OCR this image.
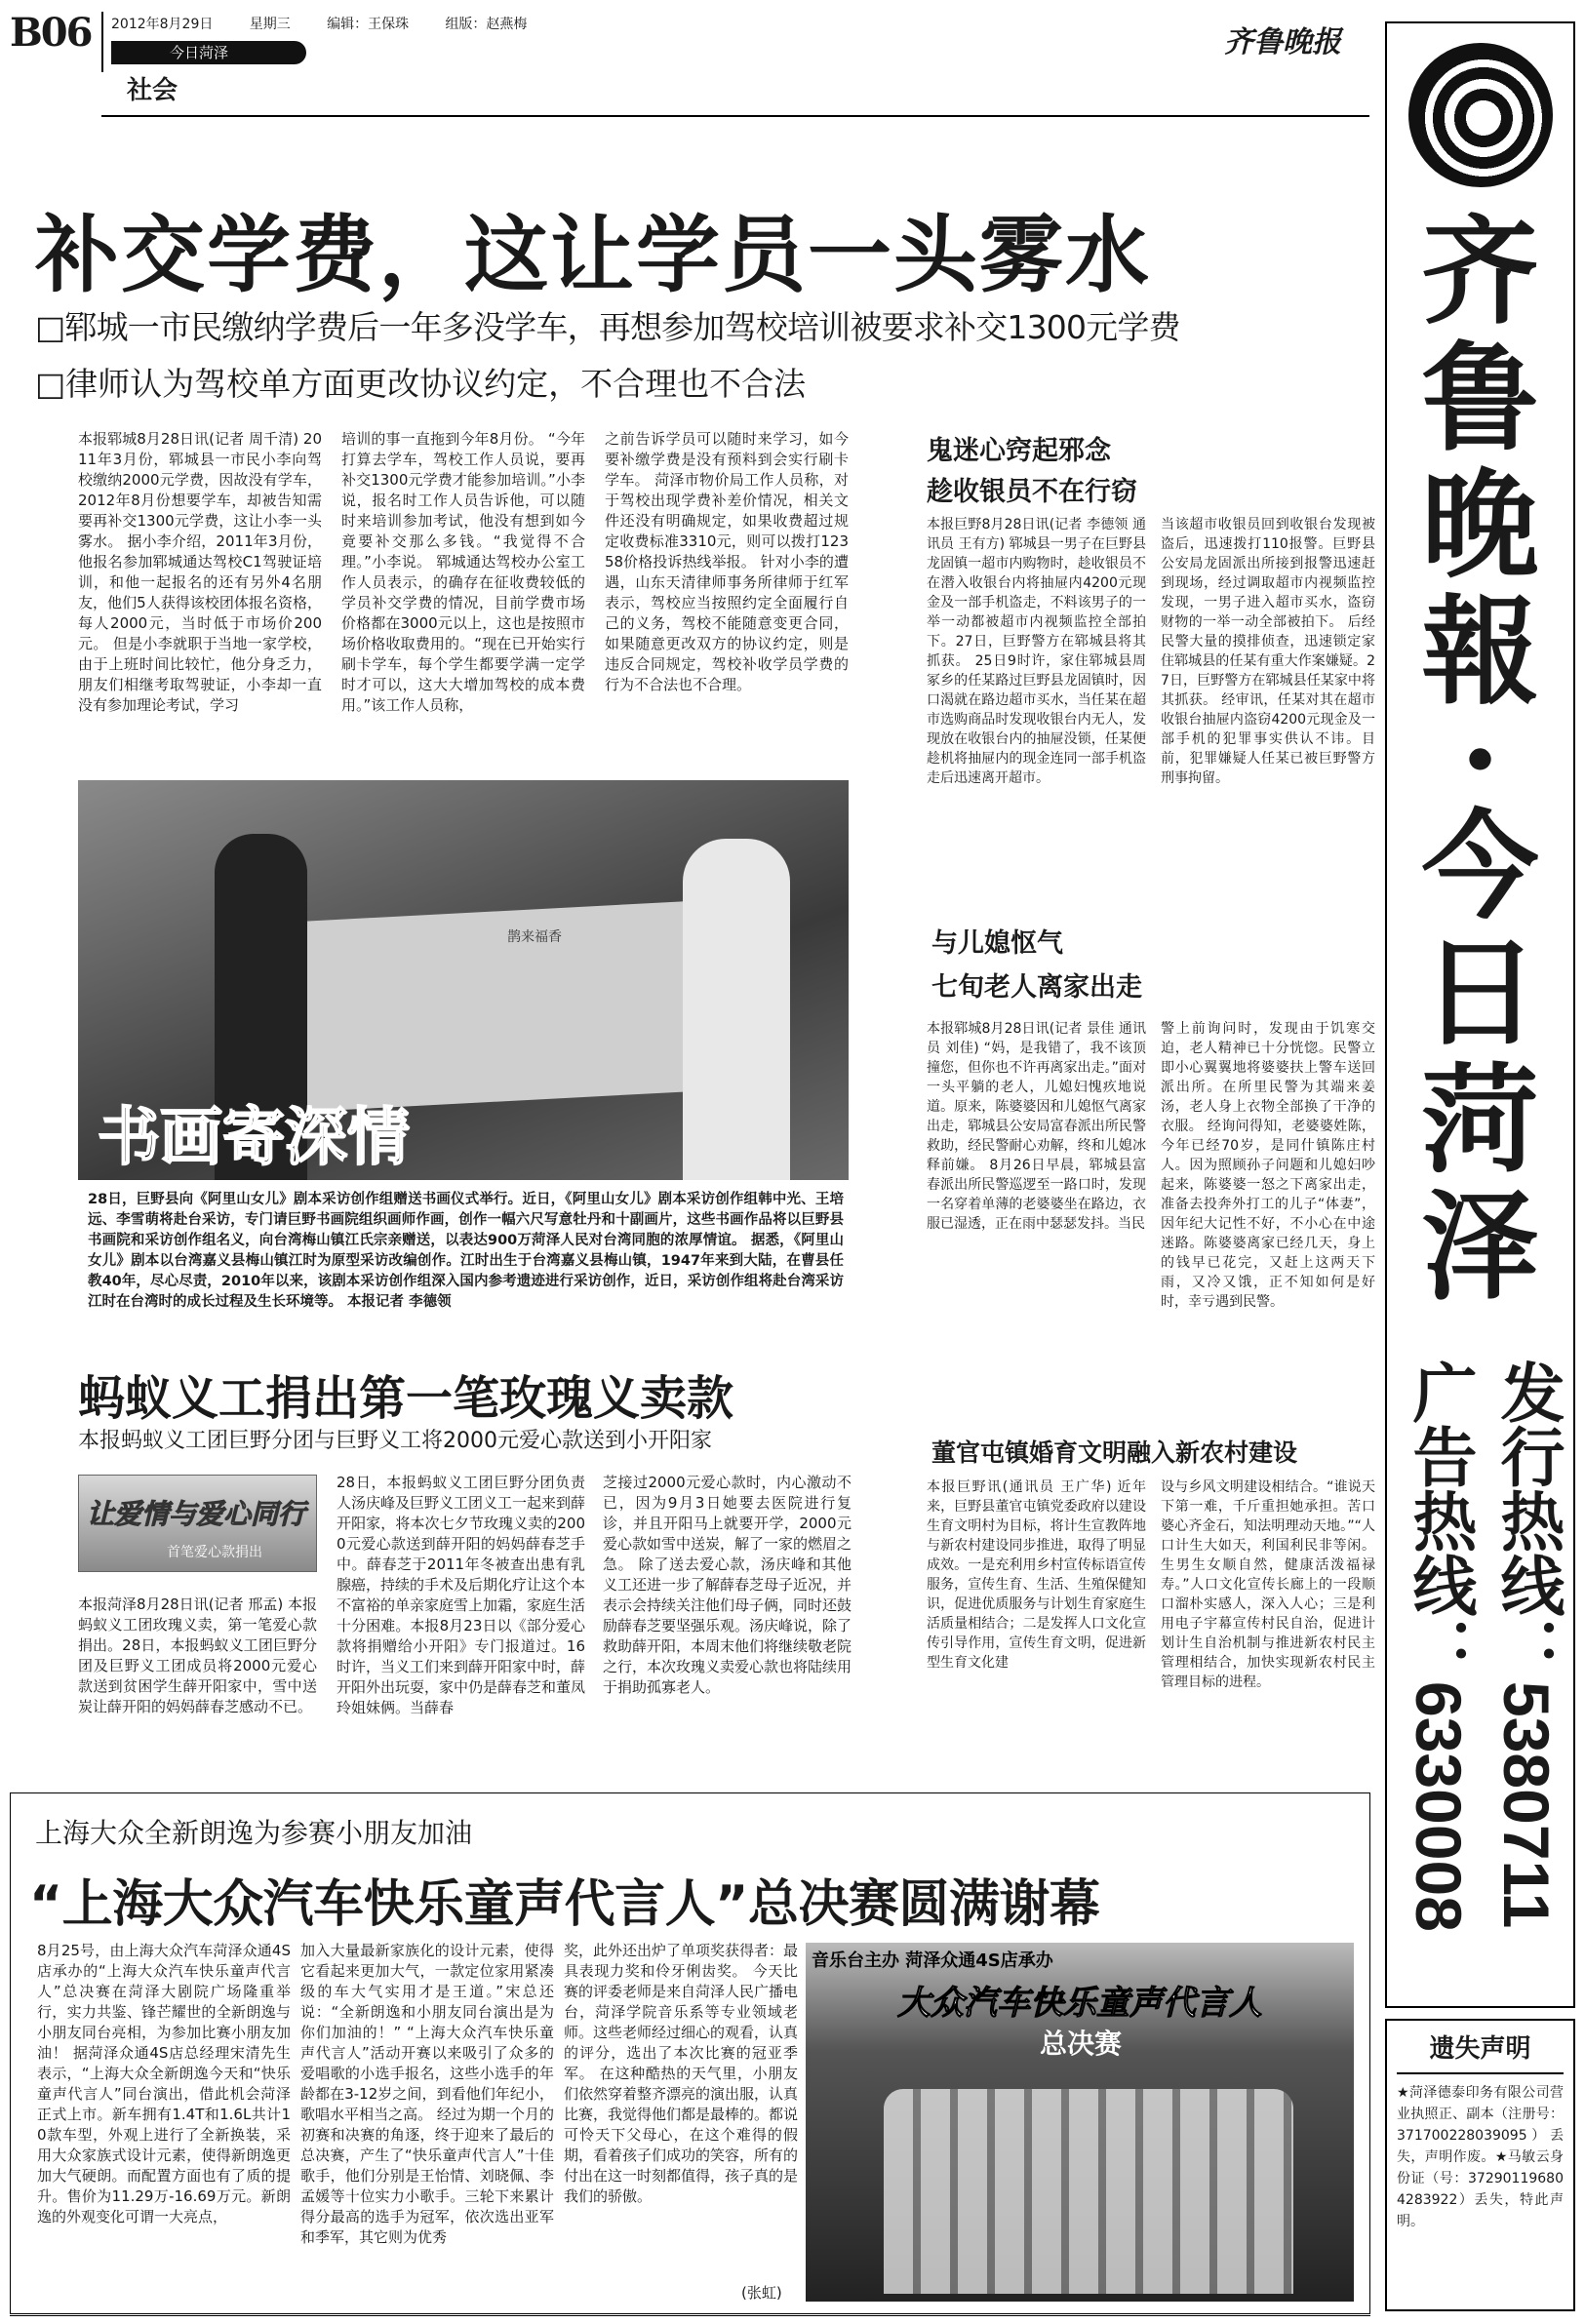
B06 2012年8月29日	星期三	编辑：王保珠	组版：赵燕梅
今日菏泽
社会
齐鲁晚报
齐
鲁
晚
報
·
今
日
菏
泽
发行热线：5380711
广告热线：6330008
遗失声明
★菏泽德泰印务有限公司营业执照正、副本（注册号：371700228039095）丢失，声明作废。★马敏云身份证（号：372901196804283922）丢失，特此声明。
补交学费，这让学员一头雾水
□郓城一市民缴纳学费后一年多没学车，再想参加驾校培训被要求补交1300元学费
□律师认为驾校单方面更改协议约定，不合理也不合法
本报郓城8月28日讯(记者 周千清) 2011年3月份，郓城县一市民小李向驾校缴纳2000元学费，因故没有学车，2012年8月份想要学车，却被告知需要再补交1300元学费，这让小李一头雾水。 据小李介绍，2011年3月份，他报名参加郓城通达驾校C1驾驶证培训，和他一起报名的还有另外4名朋友，他们5人获得该校团体报名资格，每人2000元，当时低于市场价200元。 但是小李就职于当地一家学校，由于上班时间比较忙，他分身乏力，朋友们相继考取驾驶证，小李却一直没有参加理论考试，学习
培训的事一直拖到今年8月份。 “今年打算去学车，驾校工作人员说，要再补交1300元学费才能参加培训。”小李说，报名时工作人员告诉他，可以随时来培训参加考试，他没有想到如今竟要补交那么多钱。“我觉得不合理。”小李说。 郓城通达驾校办公室工作人员表示，的确存在征收费较低的学员补交学费的情况，目前学费市场价格都在3000元以上，这也是按照市场价格收取费用的。“现在已开始实行刷卡学车，每个学生都要学满一定学时才可以，这大大增加驾校的成本费用。”该工作人员称，
之前告诉学员可以随时来学习，如今要补缴学费是没有预料到会实行刷卡学车。 菏泽市物价局工作人员称，对于驾校出现学费补差价情况，相关文件还没有明确规定，如果收费超过规定收费标准3310元，则可以拨打12358价格投诉热线举报。 针对小李的遭遇，山东天清律师事务所律师于红军表示，驾校应当按照约定全面履行自己的义务，驾校不能随意变更合同，如果随意更改双方的协议约定，则是违反合同规定，驾校补收学员学费的行为不合法也不合理。
鹊来福香
书画寄深情
28日，巨野县向《阿里山女儿》剧本采访创作组赠送书画仪式举行。近日，《阿里山女儿》剧本采访创作组韩中光、王培远、李雪萌将赴台采访，专门请巨野书画院组织画师作画，创作一幅六尺写意牡丹和十副画片，这些书画作品将以巨野县书画院和采访创作组名义，向台湾梅山镇江氏宗亲赠送，以表达900万菏泽人民对台湾同胞的浓厚情谊。 据悉，《阿里山女儿》剧本以台湾嘉义县梅山镇江时为原型采访改编创作。江时出生于台湾嘉义县梅山镇，1947年来到大陆，在曹县任教40年，尽心尽责，2010年以来，该剧本采访创作组深入国内参考遗迹进行采访创作，近日，采访创作组将赴台湾采访江时在台湾时的成长过程及生长环境等。 本报记者 李德领
蚂蚁义工捐出第一笔玫瑰义卖款
本报蚂蚁义工团巨野分团与巨野义工将2000元爱心款送到小开阳家
让爱情与爱心同行
首笔爱心款捐出
本报菏泽8月28日讯(记者 邢孟) 本报蚂蚁义工团玫瑰义卖，第一笔爱心款捐出。28日，本报蚂蚁义工团巨野分团及巨野义工团成员将2000元爱心款送到贫困学生薛开阳家中，雪中送炭让薛开阳的妈妈薛春芝感动不已。
28日，本报蚂蚁义工团巨野分团负责人汤庆峰及巨野义工团义工一起来到薛开阳家，将本次七夕节玫瑰义卖的2000元爱心款送到薛开阳的妈妈薛春芝手中。薛春芝于2011年冬被查出患有乳腺癌，持续的手术及后期化疗让这个本不富裕的单亲家庭雪上加霜，家庭生活十分困难。本报8月23日以《部分爱心款将捐赠给小开阳》专门报道过。16时许，当义工们来到薛开阳家中时，薛开阳外出玩耍，家中仍是薛春芝和董凤玲姐妹俩。当薛春
芝接过2000元爱心款时，内心激动不已，因为9月3日她要去医院进行复诊，并且开阳马上就要开学，2000元爱心款如雪中送炭，解了一家的燃眉之急。 除了送去爱心款，汤庆峰和其他义工还进一步了解薛春芝母子近况，并表示会持续关注他们母子俩，同时还鼓励薛春芝要坚强乐观。汤庆峰说，除了救助薛开阳，本周末他们将继续敬老院之行，本次玫瑰义卖爱心款也将陆续用于捐助孤寡老人。
鬼迷心窍起邪念
趁收银员不在行窃
本报巨野8月28日讯(记者 李德领 通讯员 王有方) 郓城县一男子在巨野县龙固镇一超市内购物时，趁收银员不在潜入收银台内将抽屉内4200元现金及一部手机盗走，不料该男子的一举一动都被超市内视频监控全部拍下。27日，巨野警方在郓城县将其抓获。 25日9时许，家住郓城县周冢乡的任某路过巨野县龙固镇时，因口渴就在路边超市买水，当任某在超市选购商品时发现收银台内无人，发现放在收银台内的抽屉没锁，任某便趁机将抽屉内的现金连同一部手机盗走后迅速离开超市。
当该超市收银员回到收银台发现被盗后，迅速拨打110报警。巨野县公安局龙固派出所接到报警迅速赶到现场，经过调取超市内视频监控发现，一男子进入超市买水，盗窃财物的一举一动全部被拍下。 后经民警大量的摸排侦查，迅速锁定家住郓城县的任某有重大作案嫌疑。27日，巨野警方在郓城县任某家中将其抓获。 经审讯，任某对其在超市收银台抽屉内盗窃4200元现金及一部手机的犯罪事实供认不讳。目前，犯罪嫌疑人任某已被巨野警方刑事拘留。
与儿媳怄气
七旬老人离家出走
本报郓城8月28日讯(记者 景佳 通讯员 刘佳) “妈，是我错了，我不该顶撞您，但你也不许再离家出走。”面对一头平躺的老人，儿媳妇愧疚地说道。原来，陈婆婆因和儿媳怄气离家出走，郓城县公安局富春派出所民警救助，经民警耐心劝解，终和儿媳冰释前嫌。 8月26日早晨，郓城县富春派出所民警巡逻至一路口时，发现一名穿着单薄的老婆婆坐在路边，衣服已湿透，正在雨中瑟瑟发抖。当民
警上前询问时，发现由于饥寒交迫，老人精神已十分恍惚。民警立即小心翼翼地将婆婆扶上警车送回派出所。在所里民警为其端来姜汤，老人身上衣物全部换了干净的衣服。 经询问得知，老婆婆姓陈，今年已经70岁，是同什镇陈庄村人。因为照顾孙子问题和儿媳妇吵起来，陈婆婆一怒之下离家出走，准备去投奔外打工的儿子“体妻”，因年纪大记性不好，不小心在中途迷路。陈婆婆离家已经几天，身上的钱早已花完，又赶上这两天下雨，又冷又饿，正不知如何是好时，幸亏遇到民警。
董官屯镇婚育文明融入新农村建设
本报巨野讯(通讯员 王广华) 近年来，巨野县董官屯镇党委政府以建设生育文明村为目标，将计生宣教阵地与新农村建设同步推进，取得了明显成效。一是充利用乡村宣传标语宣传服务，宣传生育、生活、生殖保健知识，促进优质服务与计划生育家庭生活质量相结合；二是发挥人口文化宣传引导作用，宣传生育文明，促进新型生育文化建
设与乡风文明建设相结合。“谁说天下第一难，千斤重担她承担。苦口婆心齐金石，知法明理动天地。”“人口计生大如天，利国利民非等闲。生男生女顺自然，健康活泼福禄寿。”人口文化宣传长廊上的一段顺口溜朴实感人，深入人心；三是利用电子宇幕宣传村民自治，促进计划计生自治机制与推进新农村民主管理相结合，加快实现新农村民主管理目标的进程。
上海大众全新朗逸为参赛小朋友加油
“上海大众汽车快乐童声代言人”总决赛圆满谢幕
8月25号，由上海大众汽车菏泽众通4S店承办的“上海大众汽车快乐童声代言人”总决赛在菏泽大剧院广场隆重举行，实力共鉴、锋芒耀世的全新朗逸与小朋友同台亮相，为参加比赛小朋友加油！ 据菏泽众通4S店总经理宋清先生表示，“上海大众全新朗逸今天和“快乐童声代言人”同台演出，借此机会菏泽正式上市。新车拥有1.4T和1.6L共计10款车型，外观上进行了全新换装，采用大众家族式设计元素，使得新朗逸更加大气硬朗。而配置方面也有了质的提升。售价为11.29万-16.69万元。新朗逸的外观变化可谓一大亮点，
加入大量最新家族化的设计元素，使得它看起来更加大气，一款定位家用紧凑级的车大气实用才是王道。”宋总还说：“全新朗逸和小朋友同台演出是为你们加油的！” “上海大众汽车快乐童声代言人”活动开赛以来吸引了众多的爱唱歌的小选手报名，这些小选手的年龄都在3-12岁之间，到看他们年纪小，歌唱水平相当之高。 经过为期一个月的初赛和决赛的角逐，终于迎来了最后的总决赛，产生了“快乐童声代言人”十佳歌手，他们分别是王怡情、刘晓佩、李孟媛等十位实力小歌手。三轮下来累计得分最高的选手为冠军，依次选出亚军和季军，其它则为优秀
奖，此外还出炉了单项奖获得者：最具表现力奖和伶牙俐齿奖。 今天比赛的评委老师是来自菏泽人民广播电台，菏泽学院音乐系等专业领域老师。这些老师经过细心的观看，认真的评分，选出了本次比赛的冠亚季军。 在这种酷热的天气里，小朋友们依然穿着整齐漂亮的演出服，认真比赛，我觉得他们都是最棒的。都说可怜天下父母心，在这个难得的假期，看着孩子们成功的笑容，所有的付出在这一时刻都值得，孩子真的是我们的骄傲。
(张虹)
音乐台主办 菏泽众通4S店承办
大众汽车快乐童声代言人
总决赛
